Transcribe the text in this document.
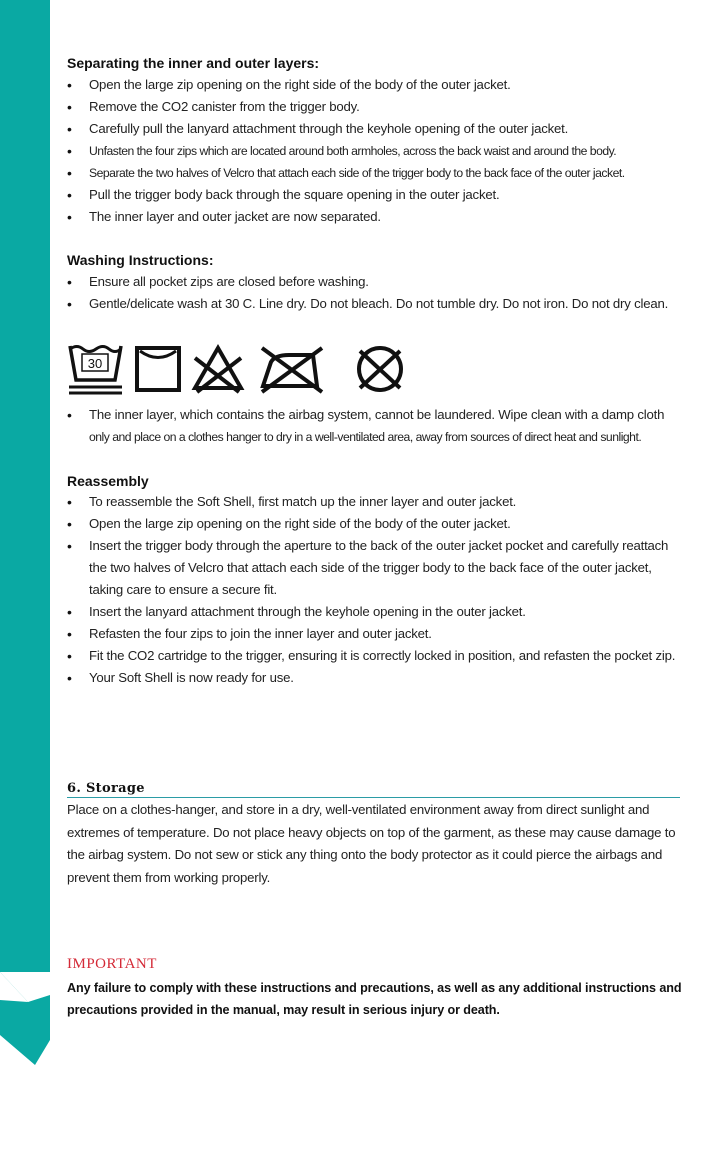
Separating the inner and outer layers:
• Open the large zip opening on the right side of the body of the outer jacket.
• Remove the CO2 canister from the trigger body.
• Carefully pull the lanyard attachment through the keyhole opening of the outer jacket.
• Unfasten the four zips which are located around both armholes, across the back waist and around the body.
• Separate the two halves of Velcro that attach each side of the trigger body to the back face of the outer jacket.
• Pull the trigger body back through the square opening in the outer jacket.
• The inner layer and outer jacket are now separated.
Washing Instructions:
• Ensure all pocket zips are closed before washing.
• Gentle/delicate wash at 30 C. Line dry. Do not bleach. Do not tumble dry. Do not iron. Do not dry clean.
30
• The inner layer, which contains the airbag system, cannot be laundered. Wipe clean with a damp cloth
only and place on a clothes hanger to dry in a well-ventilated area, away from sources of direct heat and sunlight.
Reassembly
• To reassemble the Soft Shell, first match up the inner layer and outer jacket.
• Open the large zip opening on the right side of the body of the outer jacket.
• Insert the trigger body through the aperture to the back of the outer jacket pocket and carefully reattach
the two halves of Velcro that attach each side of the trigger body to the back face of the outer jacket,
taking care to ensure a secure fit.
• Insert the lanyard attachment through the keyhole opening in the outer jacket.
• Refasten the four zips to join the inner layer and outer jacket.
• Fit the CO2 cartridge to the trigger, ensuring it is correctly locked in position, and refasten the pocket zip.
• Your Soft Shell is now ready for use.
6. Storage
Place on a clothes-hanger, and store in a dry, well-ventilated environment away from direct sunlight and
extremes of temperature. Do not place heavy objects on top of the garment, as these may cause damage to
the airbag system. Do not sew or stick any thing onto the body protector as it could pierce the airbags and
prevent them from working properly.
IMPORTANT
Any failure to comply with these instructions and precautions, as well as any additional instructions and
precautions provided in the manual, may result in serious injury or death.
